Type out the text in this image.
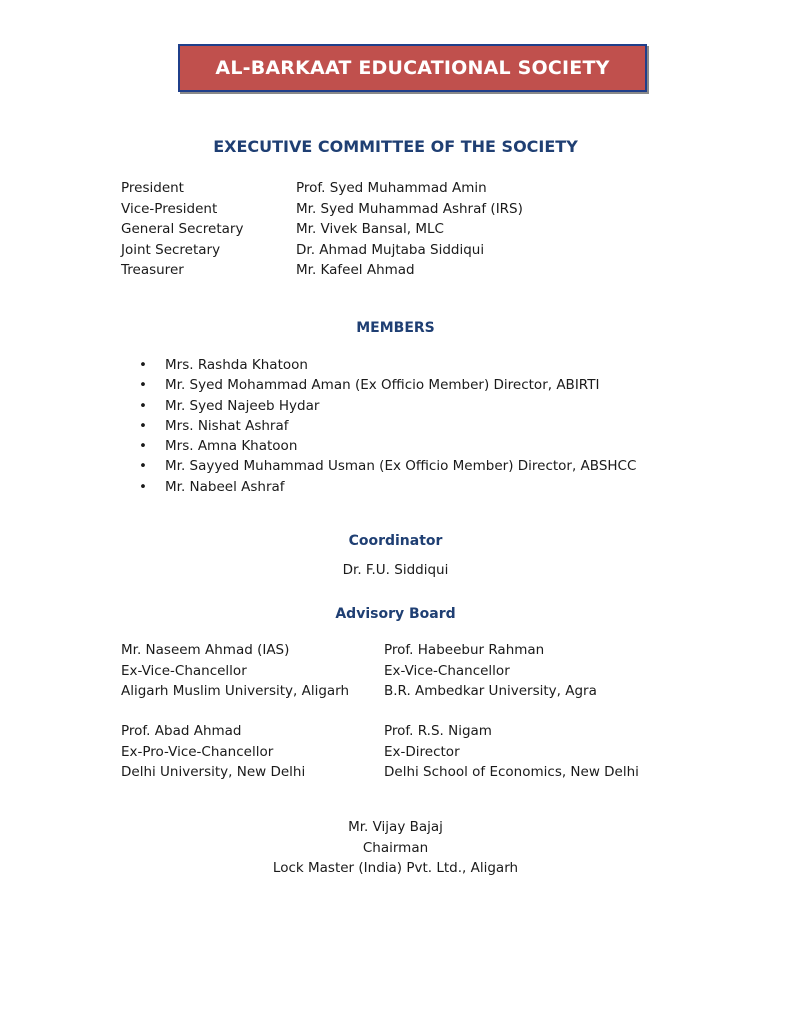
AL-BARKAAT EDUCATIONAL SOCIETY
EXECUTIVE COMMITTEE OF THE SOCIETY
President	Prof. Syed Muhammad Amin
Vice-President	Mr. Syed Muhammad Ashraf (IRS)
General Secretary	Mr. Vivek Bansal, MLC
Joint Secretary	Dr. Ahmad Mujtaba Siddiqui
Treasurer	Mr. Kafeel Ahmad
MEMBERS
• Mrs. Rashda Khatoon
• Mr. Syed Mohammad Aman (Ex Officio Member) Director, ABIRTI
• Mr. Syed Najeeb Hydar
• Mrs. Nishat Ashraf
• Mrs. Amna Khatoon
• Mr. Sayyed Muhammad Usman (Ex Officio Member) Director, ABSHCC
• Mr. Nabeel Ashraf
Coordinator
Dr. F.U. Siddiqui
Advisory Board
Mr. Naseem Ahmad (IAS)
Ex-Vice-Chancellor
Aligarh Muslim University, Aligarh
Prof. Habeebur Rahman
Ex-Vice-Chancellor
B.R. Ambedkar University, Agra
Prof. Abad Ahmad
Ex-Pro-Vice-Chancellor
Delhi University, New Delhi
Prof. R.S. Nigam
Ex-Director
Delhi School of Economics, New Delhi
Mr. Vijay Bajaj
Chairman
Lock Master (India) Pvt. Ltd., Aligarh
